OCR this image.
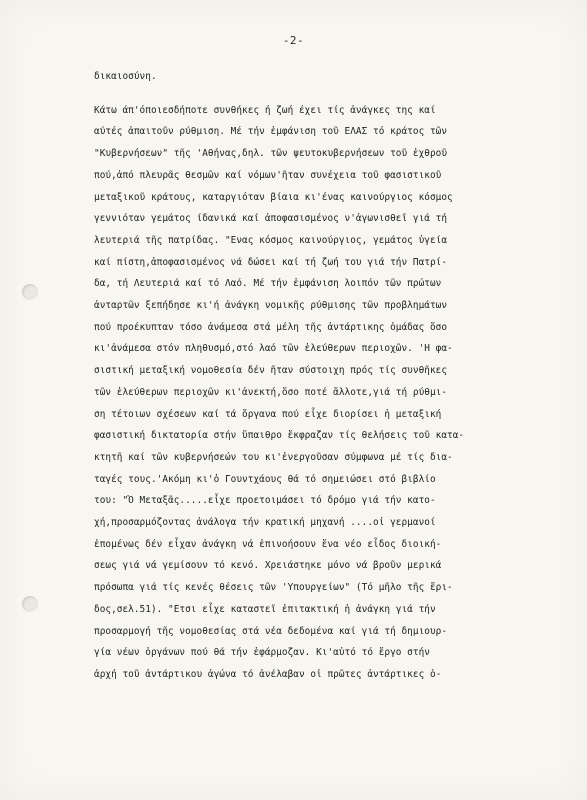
-2-
δικαιοσύνη.
Κάτω άπ'όποιεσδήποτε συνθήκες ή ζωή έχει τίς ἀνάγκες της καί
αύτές ἀπαιτοῦν ρύθμιση. Μέ τήν ἐμφάνιση τοῦ ΕΛΑΣ τό κράτος τῶν
"Κυβερνήσεων" τῆς 'Αθήνας,δηλ. τῶν ψευτοκυβερνήσεων τοῦ ἐχθροῦ
πού,ἀπό πλευρᾶς θεσμῶν καί νόμων'ῆταν συνέχεια τοῦ φασιστικοῦ
μεταξικοῦ κράτους, καταργιόταν βίαια κι'ένας καινούργιος κόσμος
γεννιόταν γεμάτος ίδανικά καί ἀποφασισμένος ν'ἀγωνισθεῖ γιά τή
λευτεριά τῆς πατρίδας. "Ενας κόσμος καινούργιος, γεμάτος ὑγεία
καί πίστη,ἀποφασισμένος νά δώσει καί τή ζωή του γιά τήν Πατρί-
δα, τή Λευτεριά καί τό Λαό. Μέ τήν ἐμφάνιση λοιπόν τῶν πρώτων
ἀνταρτῶν ξεπήδησε κι'ή ἀνάγκη νομικῆς ρύθμισης τῶν προβλημάτων
πού προέκυπταν τόσο ἀνάμεσα στά μέλη τῆς ἀντάρτικης ὁμάδας ὅσο
κι'ἀνάμεσα στόν πληθυσμό,στό λαό τῶν ἐλεύθερων περιοχῶν. 'Η φα-
σιστική μεταξική νομοθεσία δέν ῆταν σύστοιχη πρός τίς συνθῆκες
τῶν ἐλεύθερων περιοχῶν κι'ἀνεκτή,ὅσο ποτέ ἄλλοτε,γιά τή ρύθμι-
ση τέτοιων σχέσεων καί τά ὄργανα πού εἶχε διορίσει ἡ μεταξική
φασιστική δικτατορία στήν ὕπαιθρο ἔκφραζαν τίς θελήσεις τοῦ κατα-
κτητῆ καί τῶν κυβερνήσεών του κι'ἐνεργοῦσαν σύμφωνα μέ τίς δια-
ταγές τους.'Ακόμη κι'ὁ Γουντχάους θά τό σημειώσει στό βιβλίο
του: "Ὁ Μεταξᾶς.....εἶχε προετοιμάσει τό δρόμο γιά τήν κατο-
χή,προσαρμόζοντας ἀνάλογα τήν κρατική μηχανή ....οἱ γερμανοί
ἐπομένως δέν εἶχαν ἀνάγκη νά ἐπινοήσουν ἕνα νέο εἶδος διοική-
σεως γιά νά γεμίσουν τό κενό. Χρειάστηκε μόνο νά βροῦν μερικά
πρόσωπα γιά τίς κενές θέσεις τῶν 'Υπουργείων" (Τό μῆλο τῆς ἔρι-
δος,σελ.51). "Ετσι εἶχε καταστεῖ ἐπιτακτική ἡ ἀνάγκη γιά τήν
προσαρμογή τῆς νομοθεσίας στά νέα δεδομένα καί γιά τή δημιουρ-
γία νέων ὀργάνων πού θά τήν ἐφάρμοζαν. Κι'αὐτό τό ἔργο στήν
ἀρχή τοῦ ἀντάρτικου ἀγώνα τό ἀνέλαβαν οἱ πρῶτες ἀντάρτικες ὁ-
